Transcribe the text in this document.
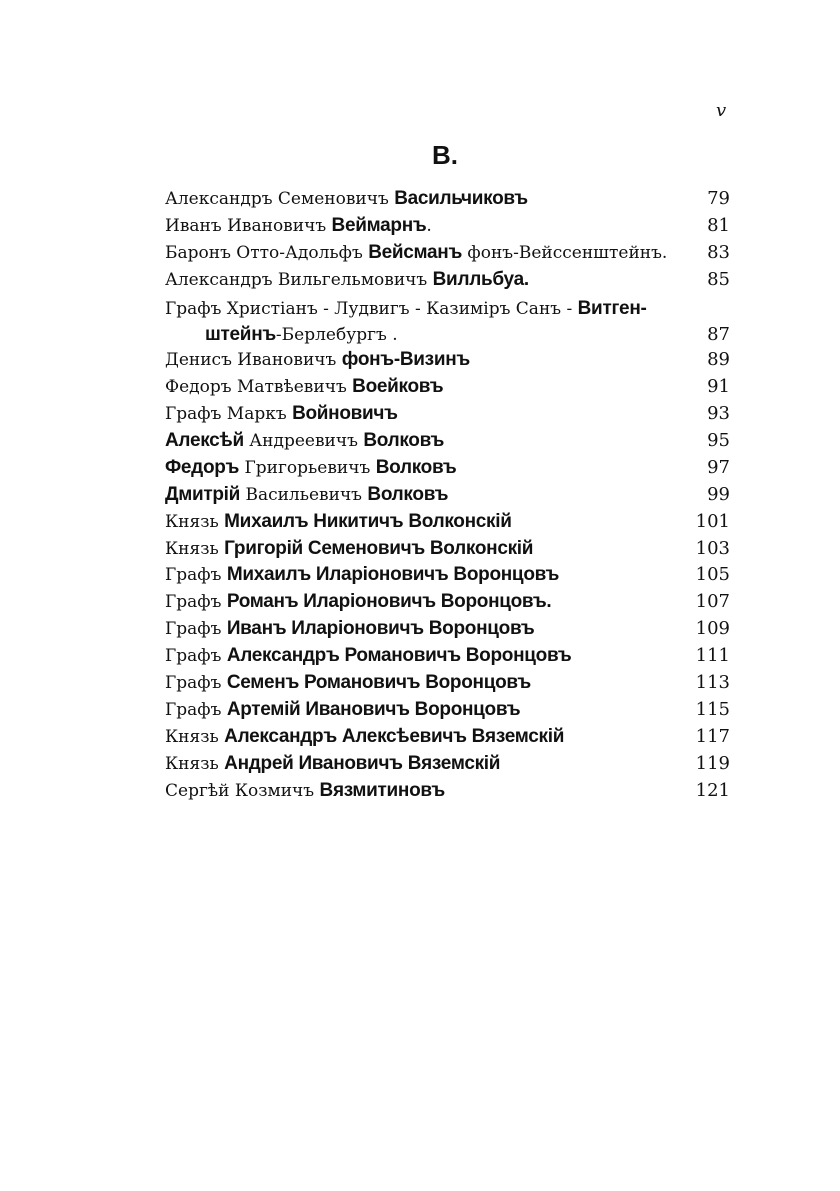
v
В.
Александръ Семеновичъ Васильчиковъ	79
Иванъ Ивановичъ Веймарнъ.	81
Баронъ Отто-Адольфъ Вейсманъ фонъ-Вейссенштейнъ.	83
Александръ Вильгельмовичъ Вилльбуа.	85
Графъ Христіанъ - Лудвигъ - Казиміръ Санъ - Витген-
штейнъ-Берлебургъ .	87
Денисъ Ивановичъ фонъ-Визинъ	89
Федоръ Матвѣевичъ Воейковъ	91
Графъ Маркъ Войновичъ	93
Алексѣй Андреевичъ Волковъ	95
Федоръ Григорьевичъ Волковъ	97
Дмитрій Васильевичъ Волковъ	99
Князь Михаилъ Никитичъ Волконскій	101
Князь Григорій Семеновичъ Волконскій	103
Графъ Михаилъ Иларіоновичъ Воронцовъ	105
Графъ Романъ Иларіоновичъ Воронцовъ.	107
Графъ Иванъ Иларіоновичъ Воронцовъ	109
Графъ Александръ Романовичъ Воронцовъ	111
Графъ Семенъ Романовичъ Воронцовъ	113
Графъ Артемій Ивановичъ Воронцовъ	115
Князь Александръ Алексѣевичъ Вяземскій	117
Князь Андрей Ивановичъ Вяземскій	119
Сергѣй Козмичъ Вязмитиновъ	121
